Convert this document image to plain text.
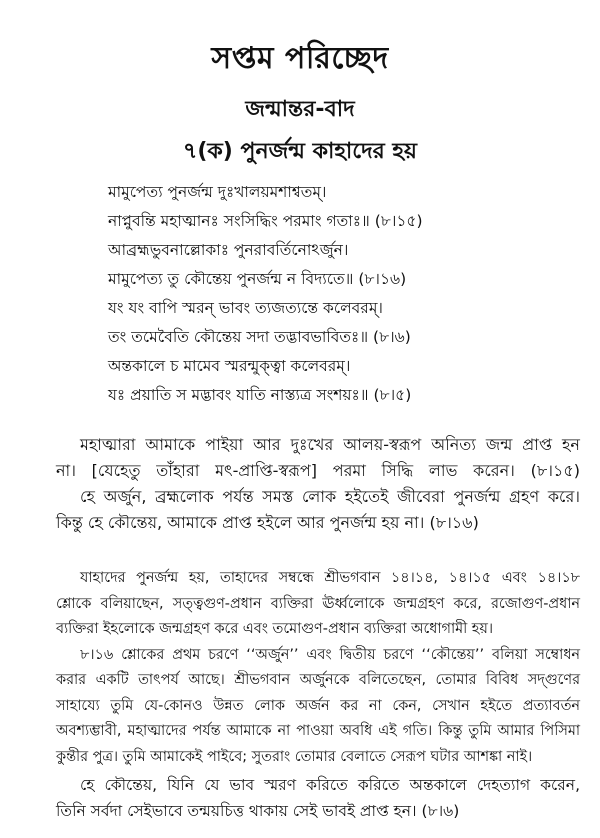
সপ্তম পরিচ্ছেদ
জন্মান্তর-বাদ
৭(ক) পুনর্জন্ম কাহাদের হয়
মামুপেত্য পুনর্জন্ম দুঃখালয়মশাশ্বতম্।
নাপ্নুবন্তি মহাত্মানঃ সংসিদ্ধিং পরমাং গতাঃ॥ (৮।১৫)
আব্রহ্মভুবনাল্লোকাঃ পুনরাবর্তিনোঽর্জুন।
মামুপেত্য তু কৌন্তেয় পুনর্জন্ম ন বিদ্যতে॥ (৮।১৬)
যং যং বাপি স্মরন্ ভাবং ত্যজত্যন্তে কলেবরম্।
তং তমেবৈতি কৌন্তেয় সদা তদ্ভাবভাবিতঃ॥ (৮।৬)
অন্তকালে চ মামেব স্মরন্মুক্ত্বা কলেবরম্।
যঃ প্রয়াতি স মদ্ভাবং যাতি নাস্ত্যত্র সংশয়ঃ॥ (৮।৫)
মহাত্মারা আমাকে পাইয়া আর দুঃখের আলয়-স্বরূপ অনিত্য জন্ম প্রাপ্ত হন
না। [যেহেতু তাঁহারা মৎ-প্রাপ্তি-স্বরূপ] পরমা সিদ্ধি লাভ করেন। (৮।১৫)
হে অর্জুন, ব্রহ্মলোক পর্যন্ত সমস্ত লোক হইতেই জীবেরা পুনর্জন্ম গ্রহণ করে।
কিন্তু হে কৌন্তেয়, আমাকে প্রাপ্ত হইলে আর পুনর্জন্ম হয় না। (৮।১৬)
যাহাদের পুনর্জন্ম হয়, তাহাদের সম্বন্ধে শ্রীভগবান ১৪।১৪, ১৪।১৫ এবং ১৪।১৮
শ্লোকে বলিয়াছেন, সত্ত্বগুণ-প্রধান ব্যক্তিরা ঊর্ধ্বলোকে জন্মগ্রহণ করে, রজোগুণ-প্রধান
ব্যক্তিরা ইহলোকে জন্মগ্রহণ করে এবং তমোগুণ-প্রধান ব্যক্তিরা অধোগামী হয়।
৮।১৬ শ্লোকের প্রথম চরণে ‘‘অর্জুন’’ এবং দ্বিতীয় চরণে ‘‘কৌন্তেয়’’ বলিয়া সম্বোধন
করার একটি তাৎপর্য আছে। শ্রীভগবান অর্জুনকে বলিতেছেন, তোমার বিবিধ সদ্গুণের
সাহায্যে তুমি যে-কোনও উন্নত লোক অর্জন কর না কেন, সেখান হইতে প্রত্যাবর্তন
অবশ্যম্ভাবী, মহাত্মাদের পর্যন্ত আমাকে না পাওয়া অবধি এই গতি। কিন্তু তুমি আমার পিসিমা
কুন্তীর পুত্র। তুমি আমাকেই পাইবে; সুতরাং তোমার বেলাতে সেরূপ ঘটার আশঙ্কা নাই।
হে কৌন্তেয়, যিনি যে ভাব স্মরণ করিতে করিতে অন্তকালে দেহত্যাগ করেন,
তিনি সর্বদা সেইভাবে তন্ময়চিত্ত থাকায় সেই ভাবই প্রাপ্ত হন। (৮।৬)
